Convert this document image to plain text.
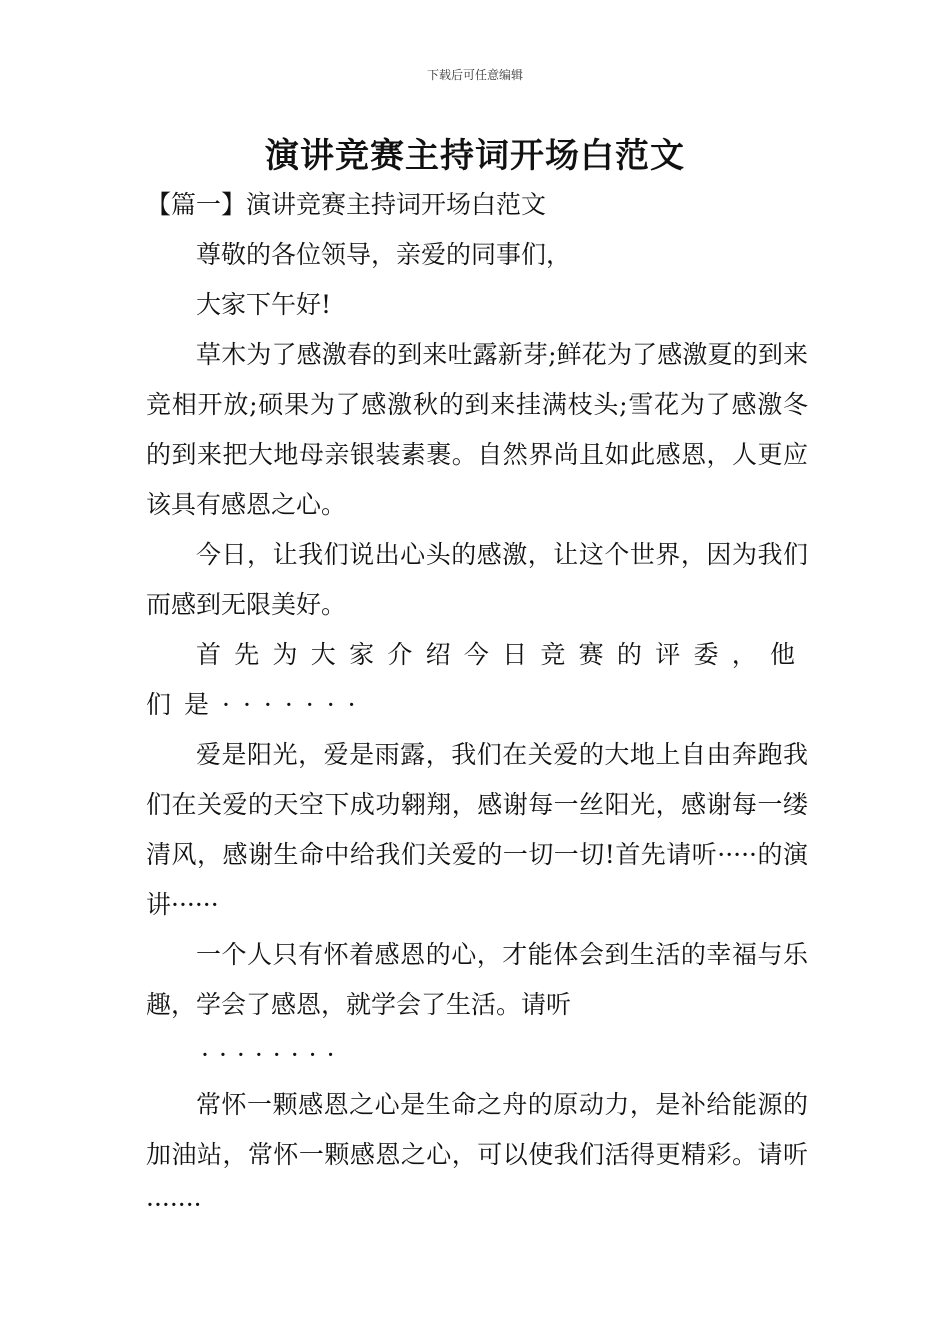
下载后可任意编辑
演讲竞赛主持词开场白范文

【篇一】演讲竞赛主持词开场白范文

尊敬的各位领导，亲爱的同事们，

大家下午好!

草木为了感激春的到来吐露新芽;鲜花为了感激夏的到来竞相开放;硕果为了感激秋的到来挂满枝头;雪花为了感激冬的到来把大地母亲银装素裹。自然界尚且如此感恩，人更应该具有感恩之心。

今日，让我们说出心头的感激，让这个世界，因为我们而感到无限美好。

首先为大家介绍今日竞赛的评委，他们是·······

爱是阳光，爱是雨露，我们在关爱的大地上自由奔跑我们在关爱的天空下成功翱翔，感谢每一丝阳光，感谢每一缕清风，感谢生命中给我们关爱的一切一切!首先请听·····的演讲······

一个人只有怀着感恩的心，才能体会到生活的幸福与乐趣，学会了感恩，就学会了生活。请听

········

常怀一颗感恩之心是生命之舟的原动力，是补给能源的加油站，常怀一颗感恩之心，可以使我们活得更精彩。请听·······
